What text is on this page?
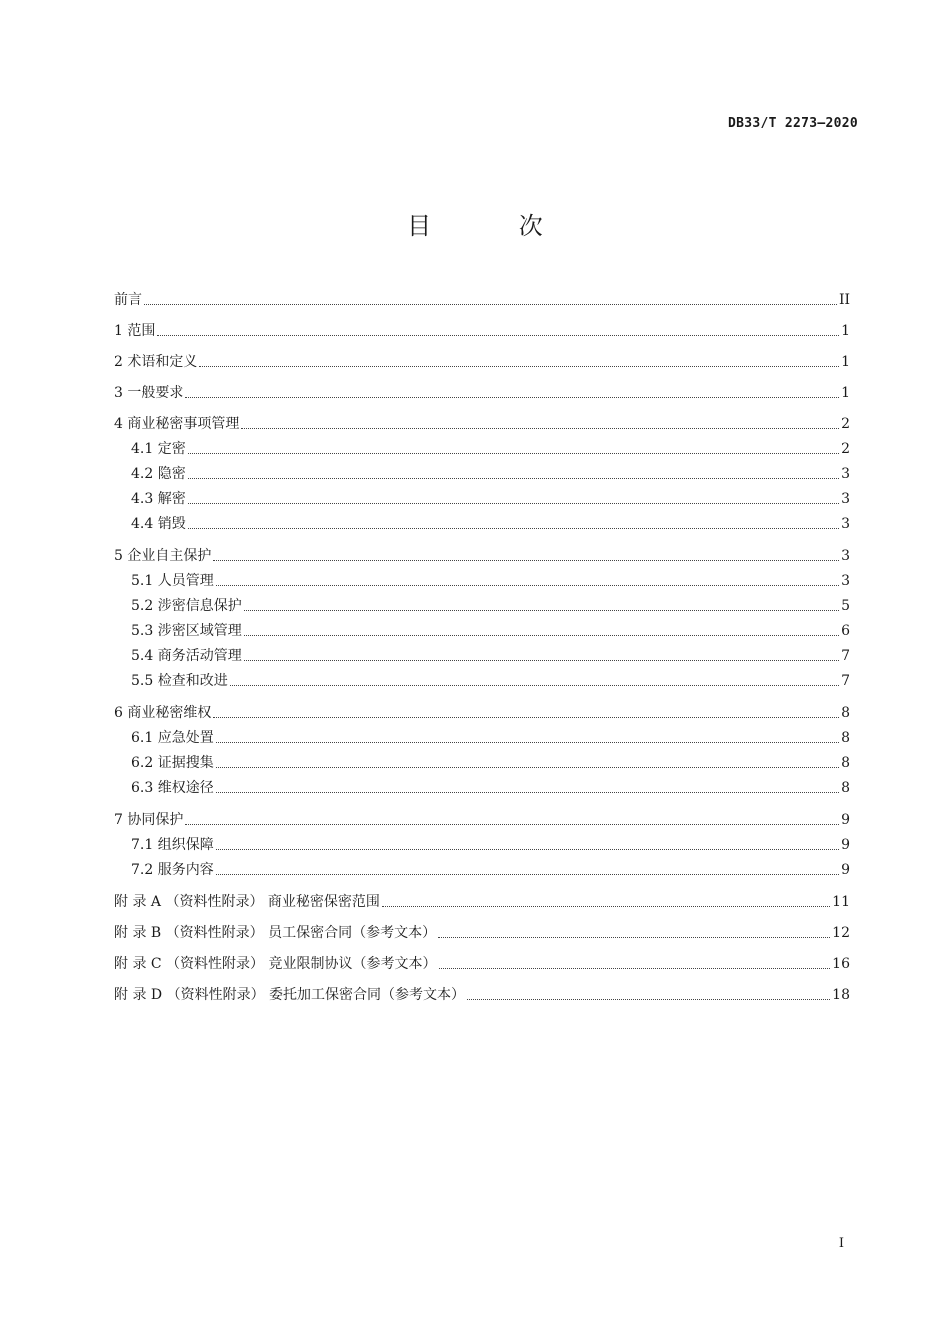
DB33/T 2273—2020
目 次
前言	II
1 范围	1
2 术语和定义	1
3 一般要求	1
4 商业秘密事项管理	2
4.1 定密	2
4.2 隐密	3
4.3 解密	3
4.4 销毁	3
5 企业自主保护	3
5.1 人员管理	3
5.2 涉密信息保护	5
5.3 涉密区域管理	6
5.4 商务活动管理	7
5.5 检查和改进	7
6 商业秘密维权	8
6.1 应急处置	8
6.2 证据搜集	8
6.3 维权途径	8
7 协同保护	9
7.1 组织保障	9
7.2 服务内容	9
附 录 A （资料性附录） 商业秘密保密范围	11
附 录 B （资料性附录） 员工保密合同（参考文本）	12
附 录 C （资料性附录） 竞业限制协议（参考文本）	16
附 录 D （资料性附录） 委托加工保密合同（参考文本）	18
I
